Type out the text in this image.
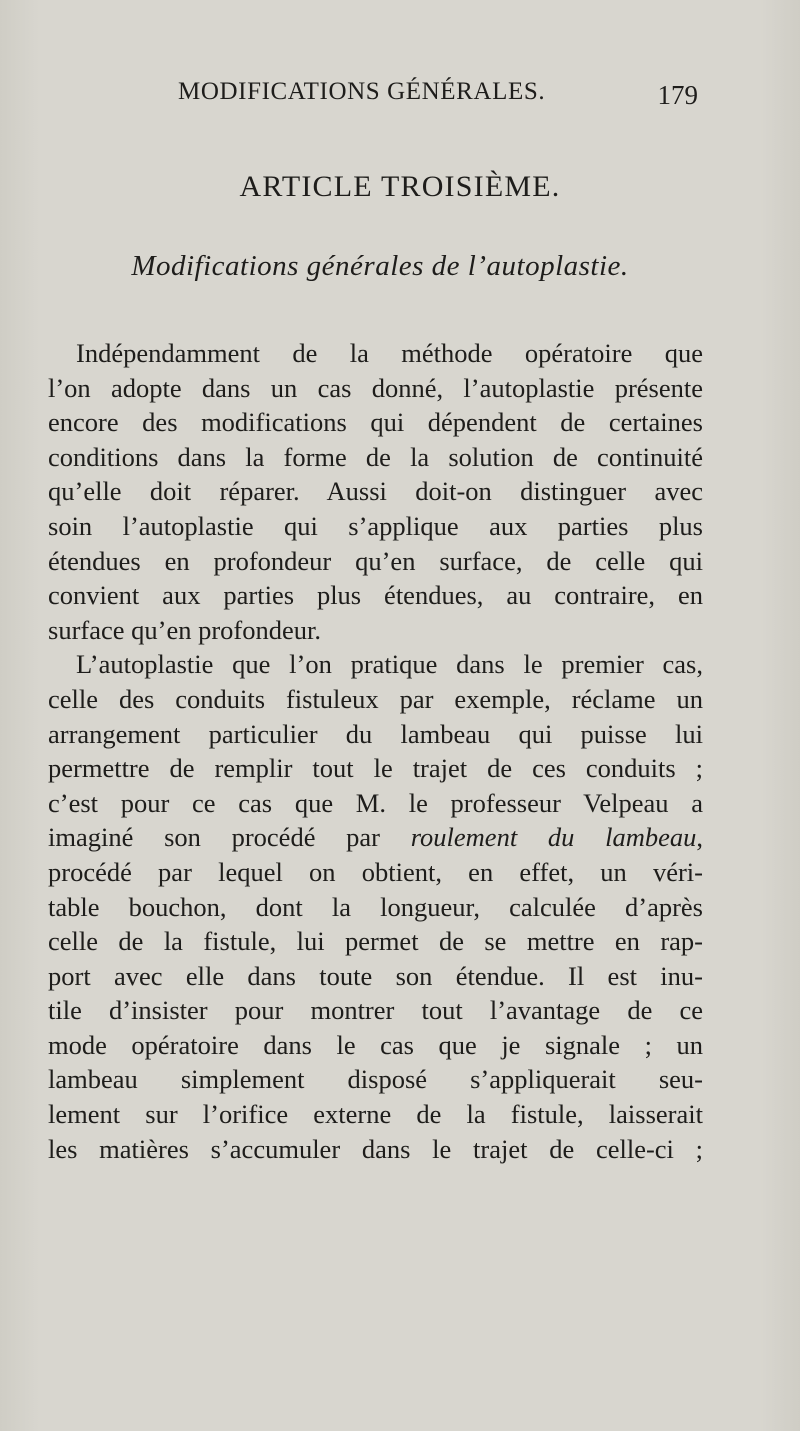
MODIFICATIONS GÉNÉRALES.	179
ARTICLE TROISIÈME.
Modifications générales de l’autoplastie.
Indépendamment de la méthode opératoire que
l’on adopte dans un cas donné, l’autoplastie présente
encore des modifications qui dépendent de certaines
conditions dans la forme de la solution de continuité
qu’elle doit réparer. Aussi doit-on distinguer avec
soin l’autoplastie qui s’applique aux parties plus
étendues en profondeur qu’en surface, de celle qui
convient aux parties plus étendues, au contraire, en
surface qu’en profondeur.
L’autoplastie que l’on pratique dans le premier cas,
celle des conduits fistuleux par exemple, réclame un
arrangement particulier du lambeau qui puisse lui
permettre de remplir tout le trajet de ces conduits ;
c’est pour ce cas que M. le professeur Velpeau a
imaginé son procédé par roulement du lambeau,
procédé par lequel on obtient, en effet, un véri-
table bouchon, dont la longueur, calculée d’après
celle de la fistule, lui permet de se mettre en rap-
port avec elle dans toute son étendue. Il est inu-
tile d’insister pour montrer tout l’avantage de ce
mode opératoire dans le cas que je signale ; un
lambeau simplement disposé s’appliquerait seu-
lement sur l’orifice externe de la fistule, laisserait
les matières s’accumuler dans le trajet de celle-ci ;
